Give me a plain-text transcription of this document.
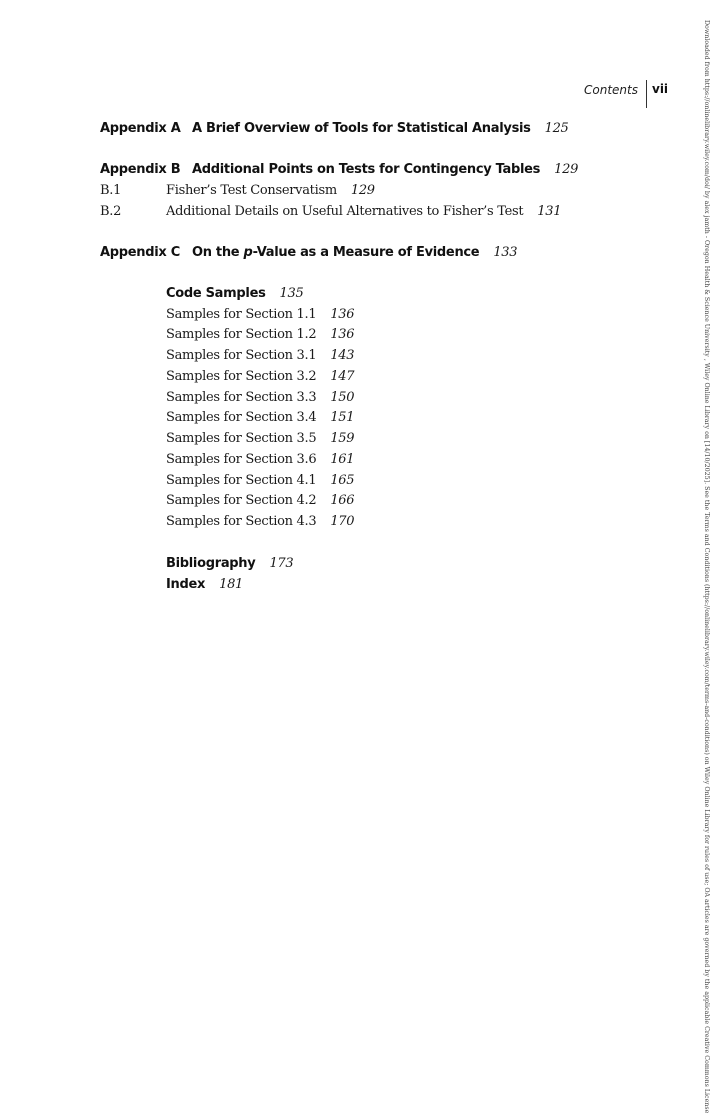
Contents vii	Downloaded from https://onlinelibrary.wiley.com/doi/ by alex jamth - Oregon Health & Science University , Wiley Online Library on [14/10/2025]. See the Terms and Conditions (https://onlinelibrary.wiley.com/terms-and-conditions) on Wiley Online Library for rules of use; OA articles are governed by the applicable Creative Commons License
Appendix A A Brief Overview of Tools for Statistical Analysis 125
Appendix B Additional Points on Tests for Contingency Tables 129
B.1	Fisher’s Test Conservatism 129
B.2	Additional Details on Useful Alternatives to Fisher’s Test 131
Appendix C On the p-Value as a Measure of Evidence 133
Code Samples 135
Samples for Section 1.1 136
Samples for Section 1.2 136
Samples for Section 3.1 143
Samples for Section 3.2 147
Samples for Section 3.3 150
Samples for Section 3.4 151
Samples for Section 3.5 159
Samples for Section 3.6 161
Samples for Section 4.1 165
Samples for Section 4.2 166
Samples for Section 4.3 170
Bibliography 173
Index 181
